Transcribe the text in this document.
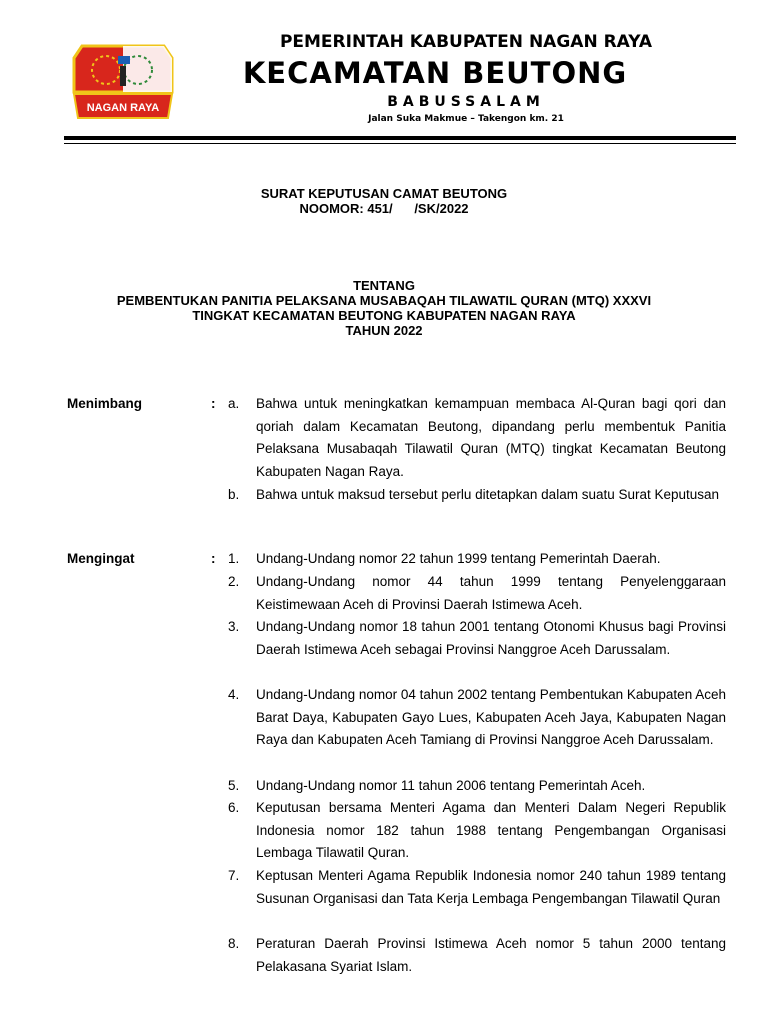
NAGAN RAYA
PEMERINTAH KABUPATEN NAGAN RAYA
KECAMATAN BEUTONG
BABUSSALAM
Jalan Suka Makmue – Takengon km. 21
SURAT KEPUTUSAN CAMAT BEUTONG
NOOMOR: 451/      /SK/2022
TENTANG
PEMBENTUKAN PANITIA PELAKSANA MUSABAQAH TILAWATIL QURAN (MTQ) XXXVI
TINGKAT KECAMATAN BEUTONG KABUPATEN NAGAN RAYA
TAHUN 2022
Menimbang	: a.	Bahwa untuk meningkatkan kemampuan membaca Al-Quran bagi qori dan qoriah dalam Kecamatan Beutong, dipandang perlu membentuk Panitia Pelaksana Musabaqah Tilawatil Quran (MTQ) tingkat Kecamatan Beutong Kabupaten Nagan Raya.
b.	Bahwa untuk maksud tersebut perlu ditetapkan dalam suatu Surat Keputusan
Mengingat	: 1.	Undang-Undang nomor 22 tahun 1999 tentang Pemerintah Daerah.
2.	Undang-Undang nomor 44 tahun 1999 tentang Penyelenggaraan Keistimewaan Aceh di Provinsi Daerah Istimewa Aceh.
3.	Undang-Undang nomor 18 tahun 2001 tentang Otonomi Khusus bagi Provinsi Daerah Istimewa Aceh sebagai Provinsi Nanggroe Aceh Darussalam.
4.	Undang-Undang nomor 04 tahun 2002 tentang Pembentukan Kabupaten Aceh Barat Daya, Kabupaten Gayo Lues, Kabupaten Aceh Jaya, Kabupaten Nagan Raya dan Kabupaten Aceh Tamiang di Provinsi Nanggroe Aceh Darussalam.
5.	Undang-Undang nomor 11 tahun 2006 tentang Pemerintah Aceh.
6.	Keputusan bersama Menteri Agama dan Menteri Dalam Negeri Republik Indonesia nomor 182 tahun 1988 tentang Pengembangan Organisasi Lembaga Tilawatil Quran.
7.	Keptusan Menteri Agama Republik Indonesia nomor 240 tahun 1989 tentang Susunan Organisasi dan Tata Kerja Lembaga Pengembangan Tilawatil Quran
8.	Peraturan Daerah Provinsi Istimewa Aceh nomor 5 tahun 2000 tentang Pelakasana Syariat Islam.
